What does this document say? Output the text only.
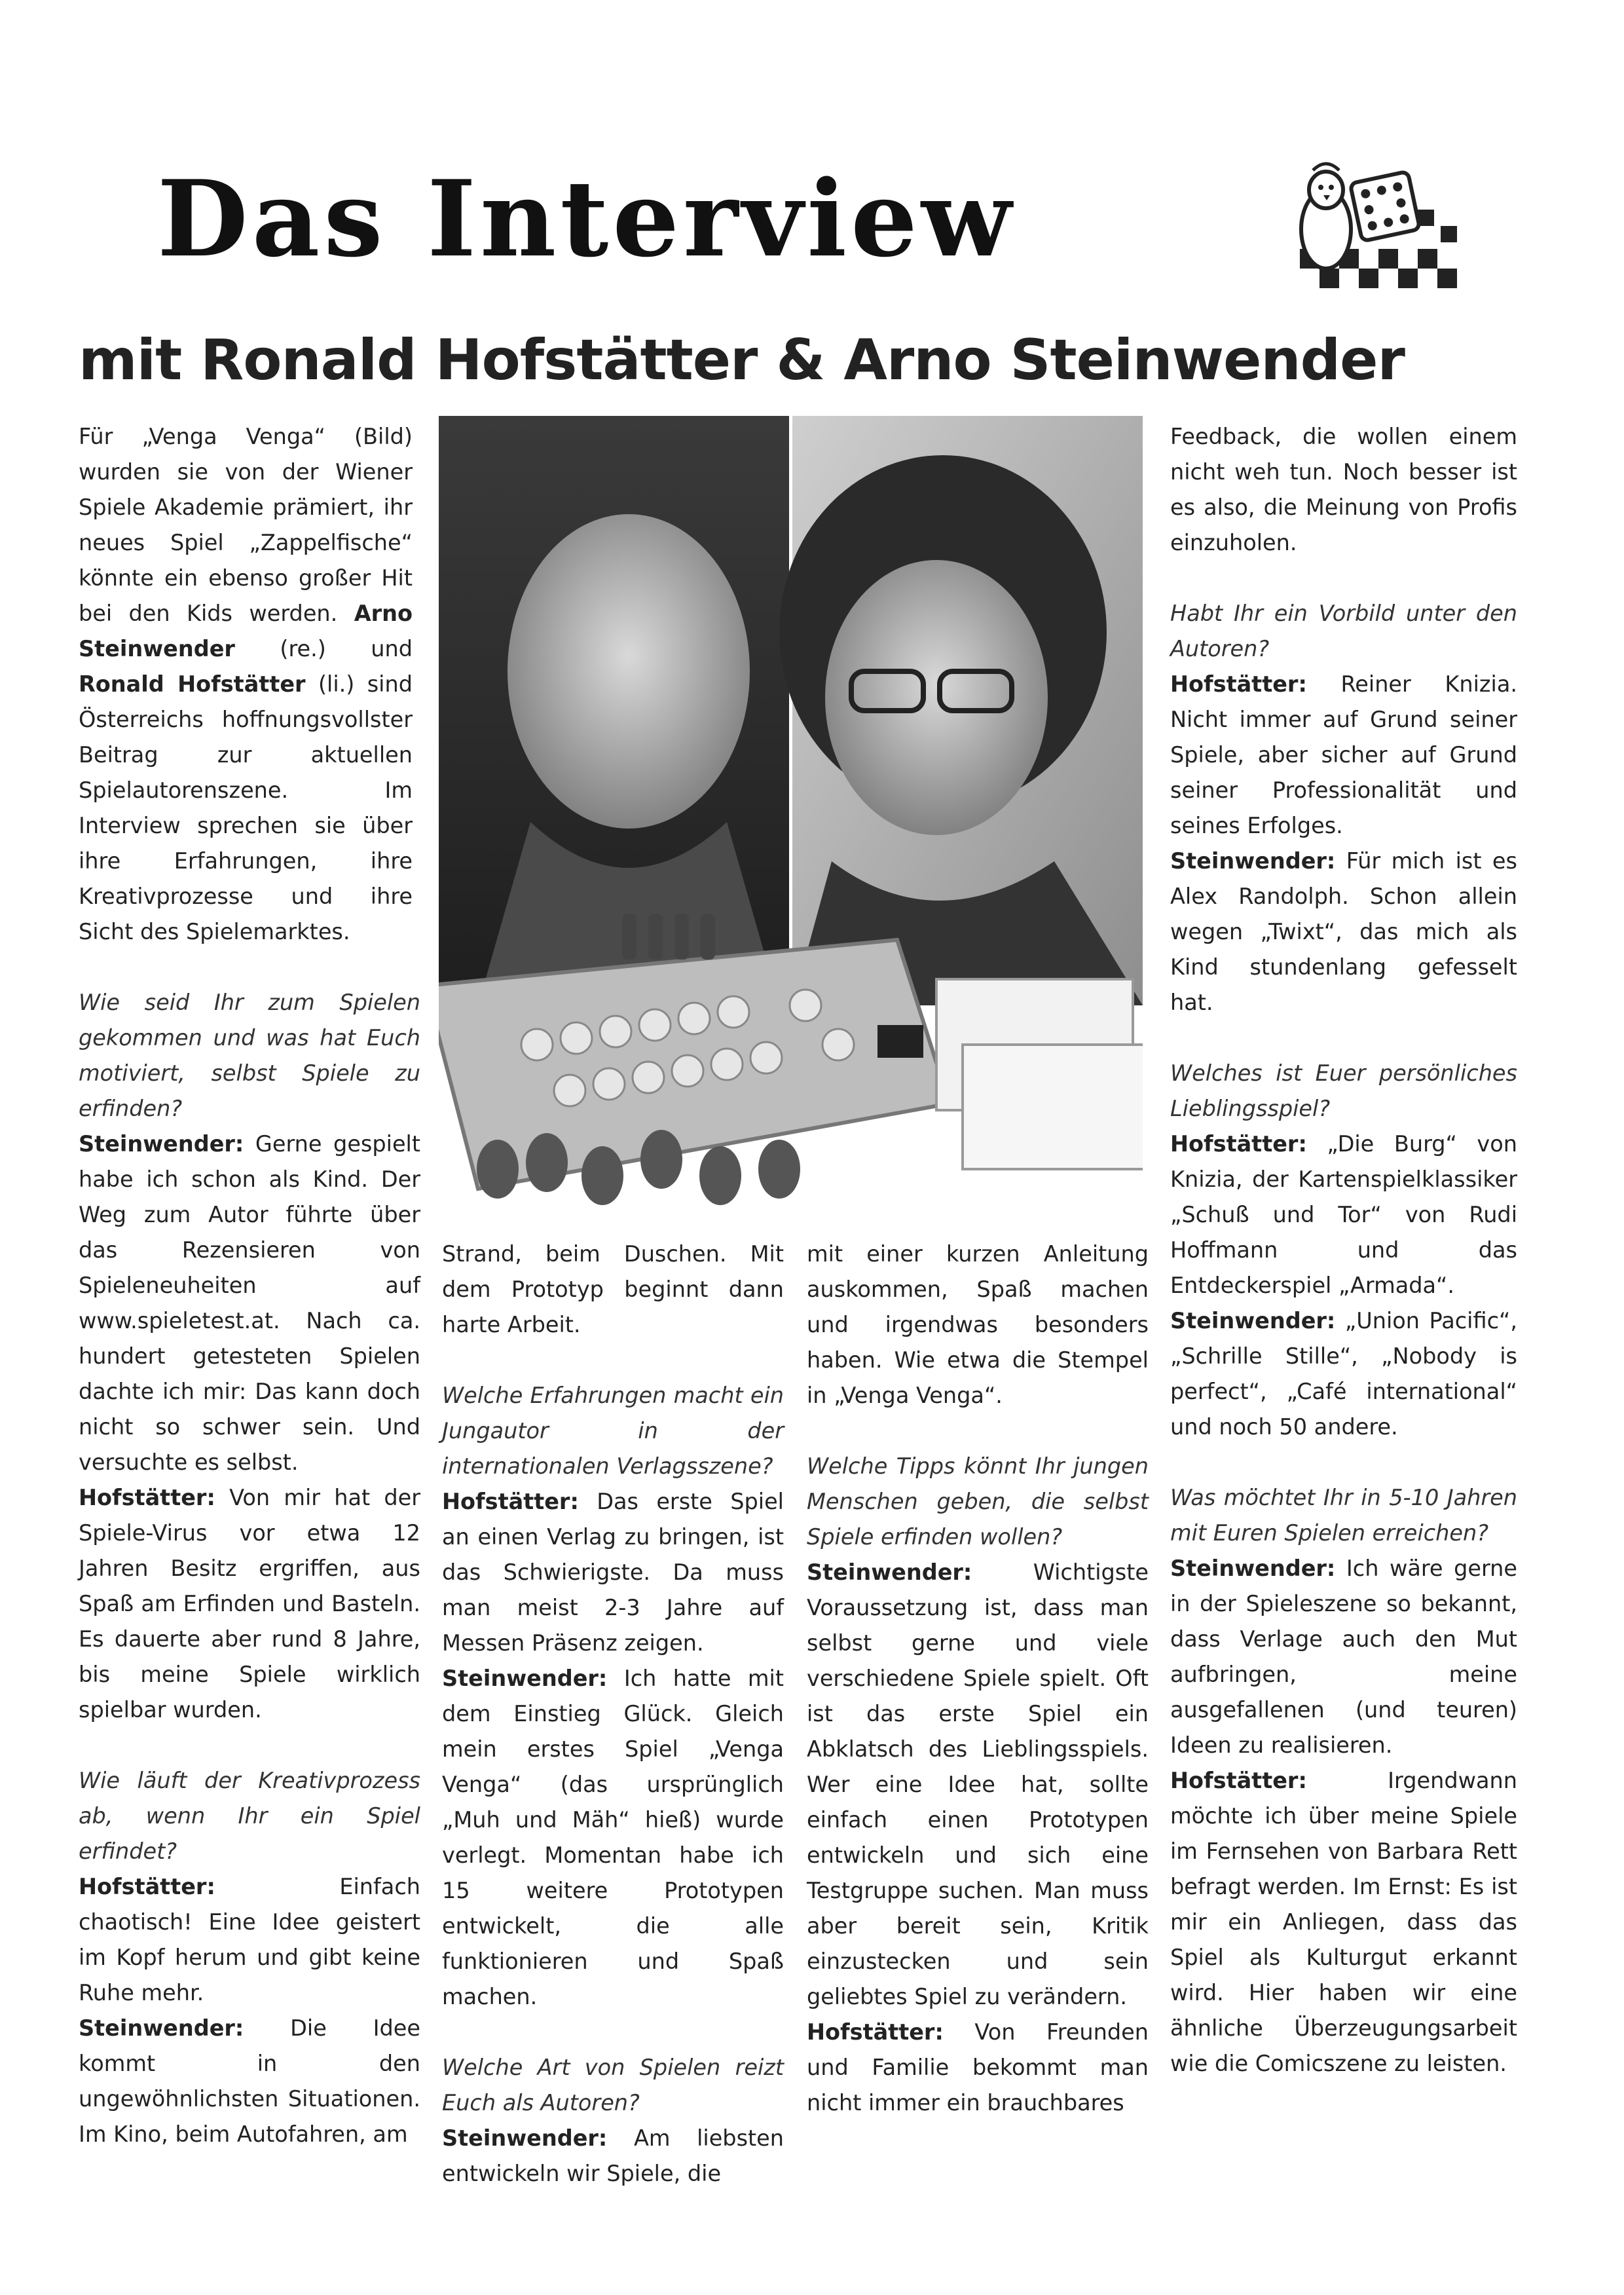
Das Interview
mit Ronald Hofstätter & Arno Steinwender

Für „Venga Venga“ (Bild) wurden sie von der Wiener Spiele Akademie prämiert, ihr neues Spiel „Zappelfische“ könnte ein ebenso großer Hit bei den Kids werden. Arno Steinwender (re.) und Ronald Hofstätter (li.) sind Österreichs hoffnungsvollster Beitrag zur aktuellen Spielautorenszene. Im Interview sprechen sie über ihre Erfahrungen, ihre Kreativprozesse und ihre Sicht des Spielemarktes.

Wie seid Ihr zum Spielen gekommen und was hat Euch motiviert, selbst Spiele zu erfinden?

Steinwender: Gerne gespielt habe ich schon als Kind. Der Weg zum Autor führte über das Rezensieren von Spieleneuheiten auf www.spieletest.at. Nach ca. hundert getesteten Spielen dachte ich mir: Das kann doch nicht so schwer sein. Und versuchte es selbst.

Hofstätter: Von mir hat der Spiele-Virus vor etwa 12 Jahren Besitz ergriffen, aus Spaß am Erfinden und Basteln. Es dauerte aber rund 8 Jahre, bis meine Spiele wirklich spielbar wurden.

Wie läuft der Kreativprozess ab, wenn Ihr ein Spiel erfindet?

Hofstätter:	Einfach chaotisch! Eine Idee geistert im Kopf herum und gibt keine Ruhe mehr.

Steinwender: Die Idee kommt in den ungewöhnlichsten Situationen. Im Kino, beim Autofahren, am

Strand, beim Duschen. Mit dem Prototyp beginnt dann harte Arbeit.

Welche Erfahrungen macht ein Jungautor in der internationalen Verlagsszene?

Hofstätter: Das erste Spiel an einen Verlag zu bringen, ist das Schwierigste. Da muss man meist 2-3 Jahre auf Messen Präsenz zeigen.

Steinwender: Ich hatte mit dem Einstieg Glück. Gleich mein erstes Spiel „Venga Venga“ (das ursprünglich „Muh und Mäh“ hieß) wurde verlegt. Momentan habe ich 15 weitere Prototypen entwickelt, die alle funktionieren und Spaß machen.

Welche Art von Spielen reizt Euch als Autoren?

Steinwender: Am liebsten entwickeln wir Spiele, die

mit einer kurzen Anleitung auskommen, Spaß machen und irgendwas besonders haben. Wie etwa die Stempel in „Venga Venga“.

Welche Tipps könnt Ihr jungen Menschen geben, die selbst Spiele erfinden wollen?

Steinwender:	Wichtigste Voraussetzung ist, dass man selbst gerne und viele verschiedene Spiele spielt. Oft ist das erste Spiel ein Abklatsch des Lieblingsspiels. Wer eine Idee hat, sollte einfach einen Prototypen entwickeln und sich eine Testgruppe suchen. Man muss aber bereit sein, Kritik einzustecken und sein geliebtes Spiel zu verändern.

Hofstätter: Von Freunden und Familie bekommt man nicht immer ein brauchbares

Feedback, die wollen einem nicht weh tun. Noch besser ist es also, die Meinung von Profis einzuholen.

Habt Ihr ein Vorbild unter den Autoren?

Hofstätter: Reiner Knizia. Nicht immer auf Grund seiner Spiele, aber sicher auf Grund seiner Professionalität und seines Erfolges.

Steinwender: Für mich ist es Alex Randolph. Schon allein wegen „Twixt“, das mich als Kind stundenlang gefesselt hat.

Welches ist Euer persönliches Lieblingsspiel?

Hofstätter: „Die Burg“ von Knizia, der Kartenspielklassiker „Schuß und Tor“ von Rudi Hoffmann und das Entdeckerspiel „Armada“.

Steinwender: „Union Pacific“, „Schrille Stille“, „Nobody is perfect“, „Café international“ und noch 50 andere.

Was möchtet Ihr in 5-10 Jahren mit Euren Spielen erreichen?

Steinwender: Ich wäre gerne in der Spieleszene so bekannt, dass Verlage auch den Mut aufbringen, meine ausgefallenen (und teuren) Ideen zu realisieren.

Hofstätter:	Irgendwann möchte ich über meine Spiele im Fernsehen von Barbara Rett befragt werden. Im Ernst: Es ist mir ein Anliegen, dass das Spiel als Kulturgut erkannt wird. Hier haben wir eine ähnliche Überzeugungsarbeit wie die Comicszene zu leisten.
